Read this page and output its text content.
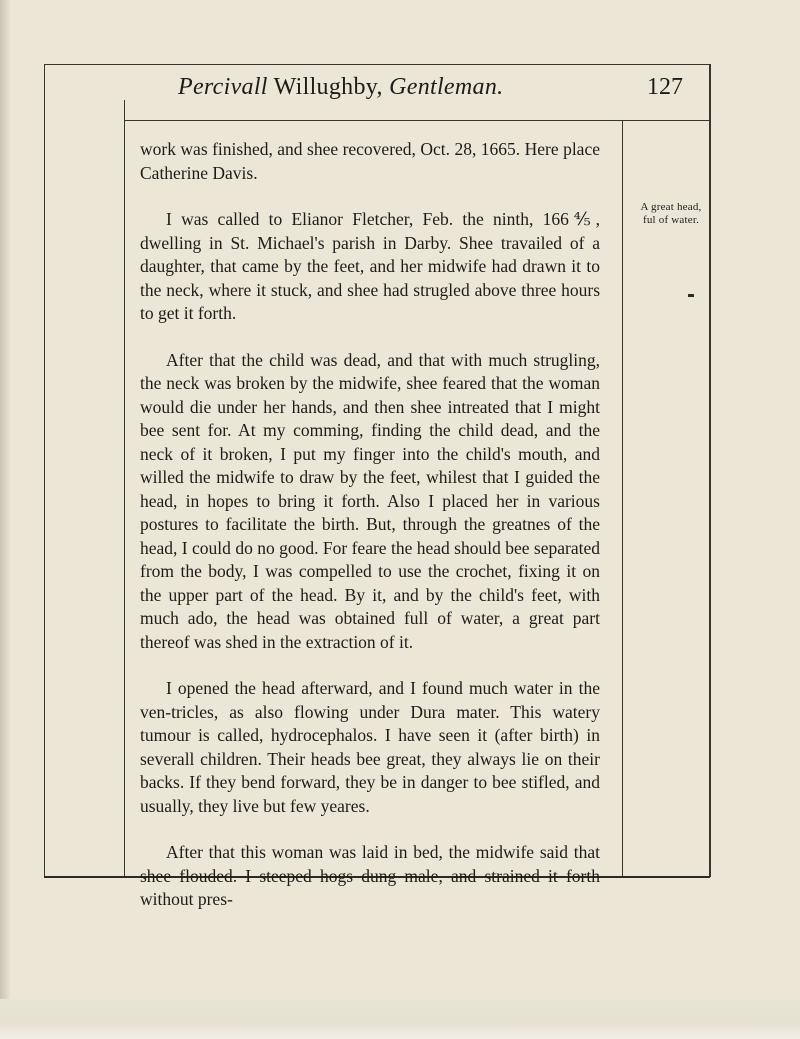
Percivall Willughby, Gentleman.	127

work was finished, and shee recovered, Oct. 28, 1665. Here place Catherine Davis.

I was called to Elianor Fletcher, Feb. the ninth, 166⅘, dwelling in St. Michael's parish in Darby. Shee travailed of a daughter, that came by the feet, and her midwife had drawn it to the neck, where it stuck, and shee had strugled above three hours to get it forth.

After that the child was dead, and that with much strugling, the neck was broken by the midwife, shee feared that the woman would die under her hands, and then shee intreated that I might bee sent for. At my comming, finding the child dead, and the neck of it broken, I put my finger into the child's mouth, and willed the midwife to draw by the feet, whilest that I guided the head, in hopes to bring it forth. Also I placed her in various postures to facilitate the birth. But, through the greatnes of the head, I could do no good. For feare the head should bee separated from the body, I was compelled to use the crochet, fixing it on the upper part of the head. By it, and by the child's feet, with much ado, the head was obtained full of water, a great part thereof was shed in the extraction of it.

I opened the head afterward, and I found much water in the ven-tricles, as also flowing under Dura mater. This watery tumour is called, hydrocephalos. I have seen it (after birth) in severall children. Their heads bee great, they always lie on their backs. If they bend forward, they be in danger to bee stifled, and usually, they live but few yeares.

After that this woman was laid in bed, the midwife said that shee flouded. I steeped hogs dung male, and strained it forth without pres-

A great head, ful of water.
